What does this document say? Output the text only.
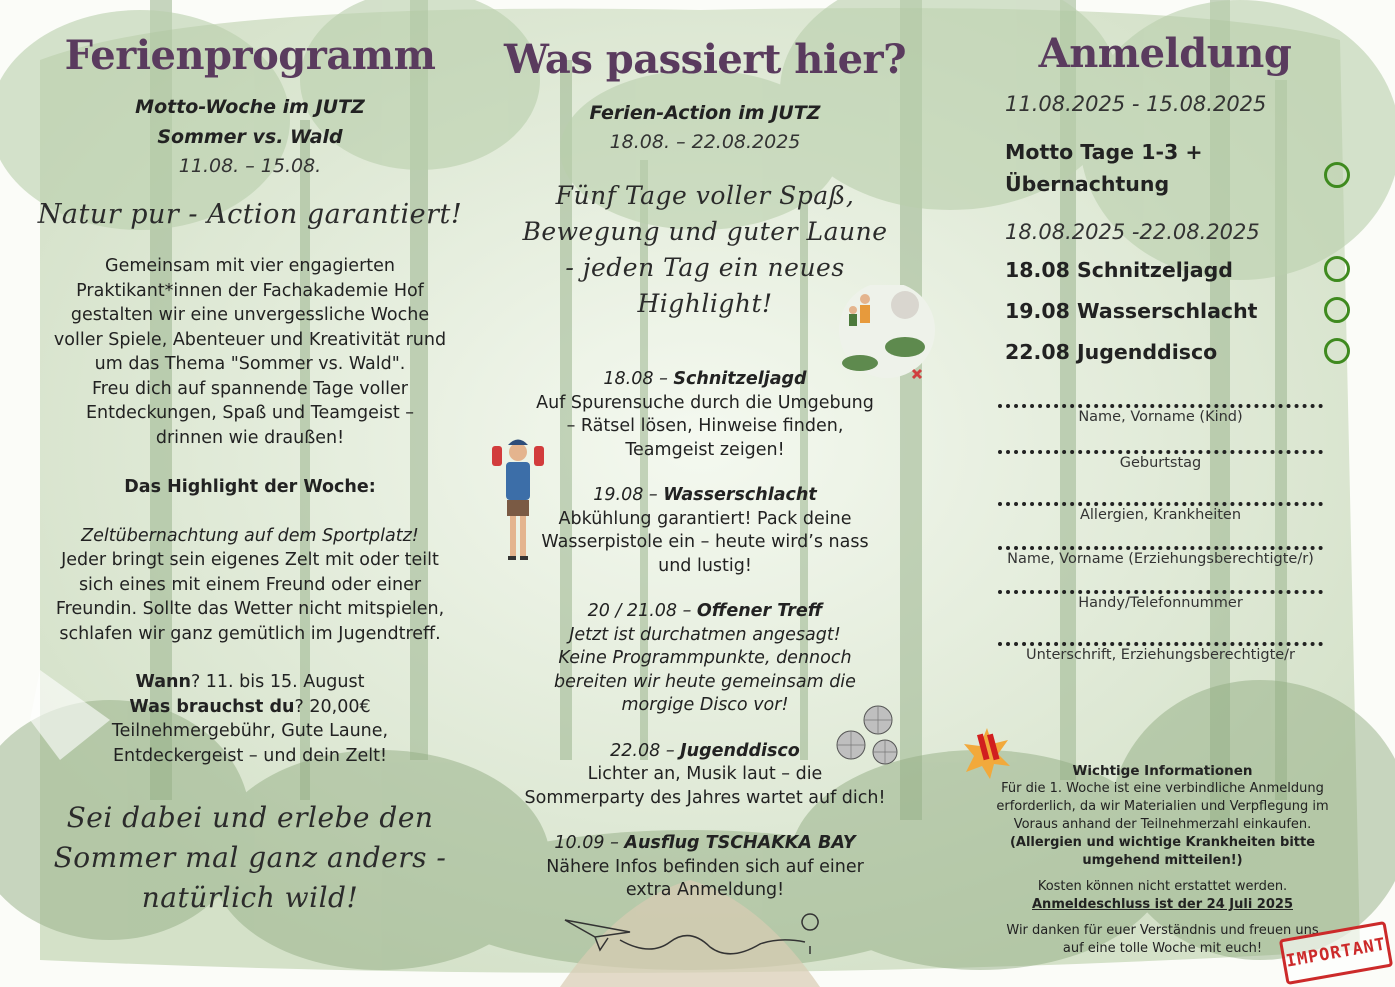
Ferienprogramm
Motto-Woche im JUTZ
Sommer vs. Wald
11.08. – 15.08.
Natur pur - Action garantiert!

Gemeinsam mit vier engagierten

Praktikant*innen der Fachakademie Hof

gestalten wir eine unvergessliche Woche

voller Spiele, Abenteuer und Kreativität rund

um das Thema "Sommer vs. Wald".

Freu dich auf spannende Tage voller

Entdeckungen, Spaß und Teamgeist –

drinnen wie draußen!

Das Highlight der Woche:
Zeltübernachtung auf dem Sportplatz!

Jeder bringt sein eigenes Zelt mit oder teilt

sich eines mit einem Freund oder einer

Freundin. Sollte das Wetter nicht mitspielen,

schlafen wir ganz gemütlich im Jugendtreff.

Wann? 11. bis 15. August

Was brauchst du? 20,00€

Teilnehmergebühr, Gute Laune,

Entdeckergeist – und dein Zelt!

Sei dabei und erlebe den
Sommer mal ganz anders -
natürlich wild!
Was passiert hier?
Ferien-Action im JUTZ
18.08. – 22.08.2025
Fünf Tage voller Spaß,
Bewegung und guter Laune
- jeden Tag ein neues
Highlight!
18.08 – Schnitzeljagd
Auf Spurensuche durch die Umgebung
– Rätsel lösen, Hinweise finden,
Teamgeist zeigen!
19.08 – Wasserschlacht
Abkühlung garantiert! Pack deine
Wasserpistole ein – heute wird’s nass
und lustig!
20 / 21.08 – Offener Treff
Jetzt ist durchatmen angesagt!
Keine Programmpunkte, dennoch
bereiten wir heute gemeinsam die
morgige Disco vor!
22.08 – Jugenddisco
Lichter an, Musik laut – die
Sommerparty des Jahres wartet auf dich!
10.09 – Ausflug TSCHAKKA BAY
Nähere Infos befinden sich auf einer
extra Anmeldung!
Anmeldung
11.08.2025 - 15.08.2025
Motto Tage 1-3 +
Übernachtung
18.08.2025 -22.08.2025
18.08 Schnitzeljagd
19.08 Wasserschlacht
22.08 Jugenddisco
Name, Vorname (Kind)
Geburtstag
Allergien, Krankheiten
Name, Vorname (Erziehungsberechtigte/r)
Handy/Telefonnummer
Unterschrift, Erziehungsberechtigte/r

Wichtige Informationen

Für die 1. Woche ist eine verbindliche Anmeldung

erforderlich, da wir Materialien und Verpflegung im

Voraus anhand der Teilnehmerzahl einkaufen.

(Allergien und wichtige Krankheiten bitte

umgehend mitteilen!)

Kosten können nicht erstattet werden.

Anmeldeschluss ist der 24 Juli 2025

Wir danken für euer Verständnis und freuen uns

auf eine tolle Woche mit euch!	IMPORTANT
